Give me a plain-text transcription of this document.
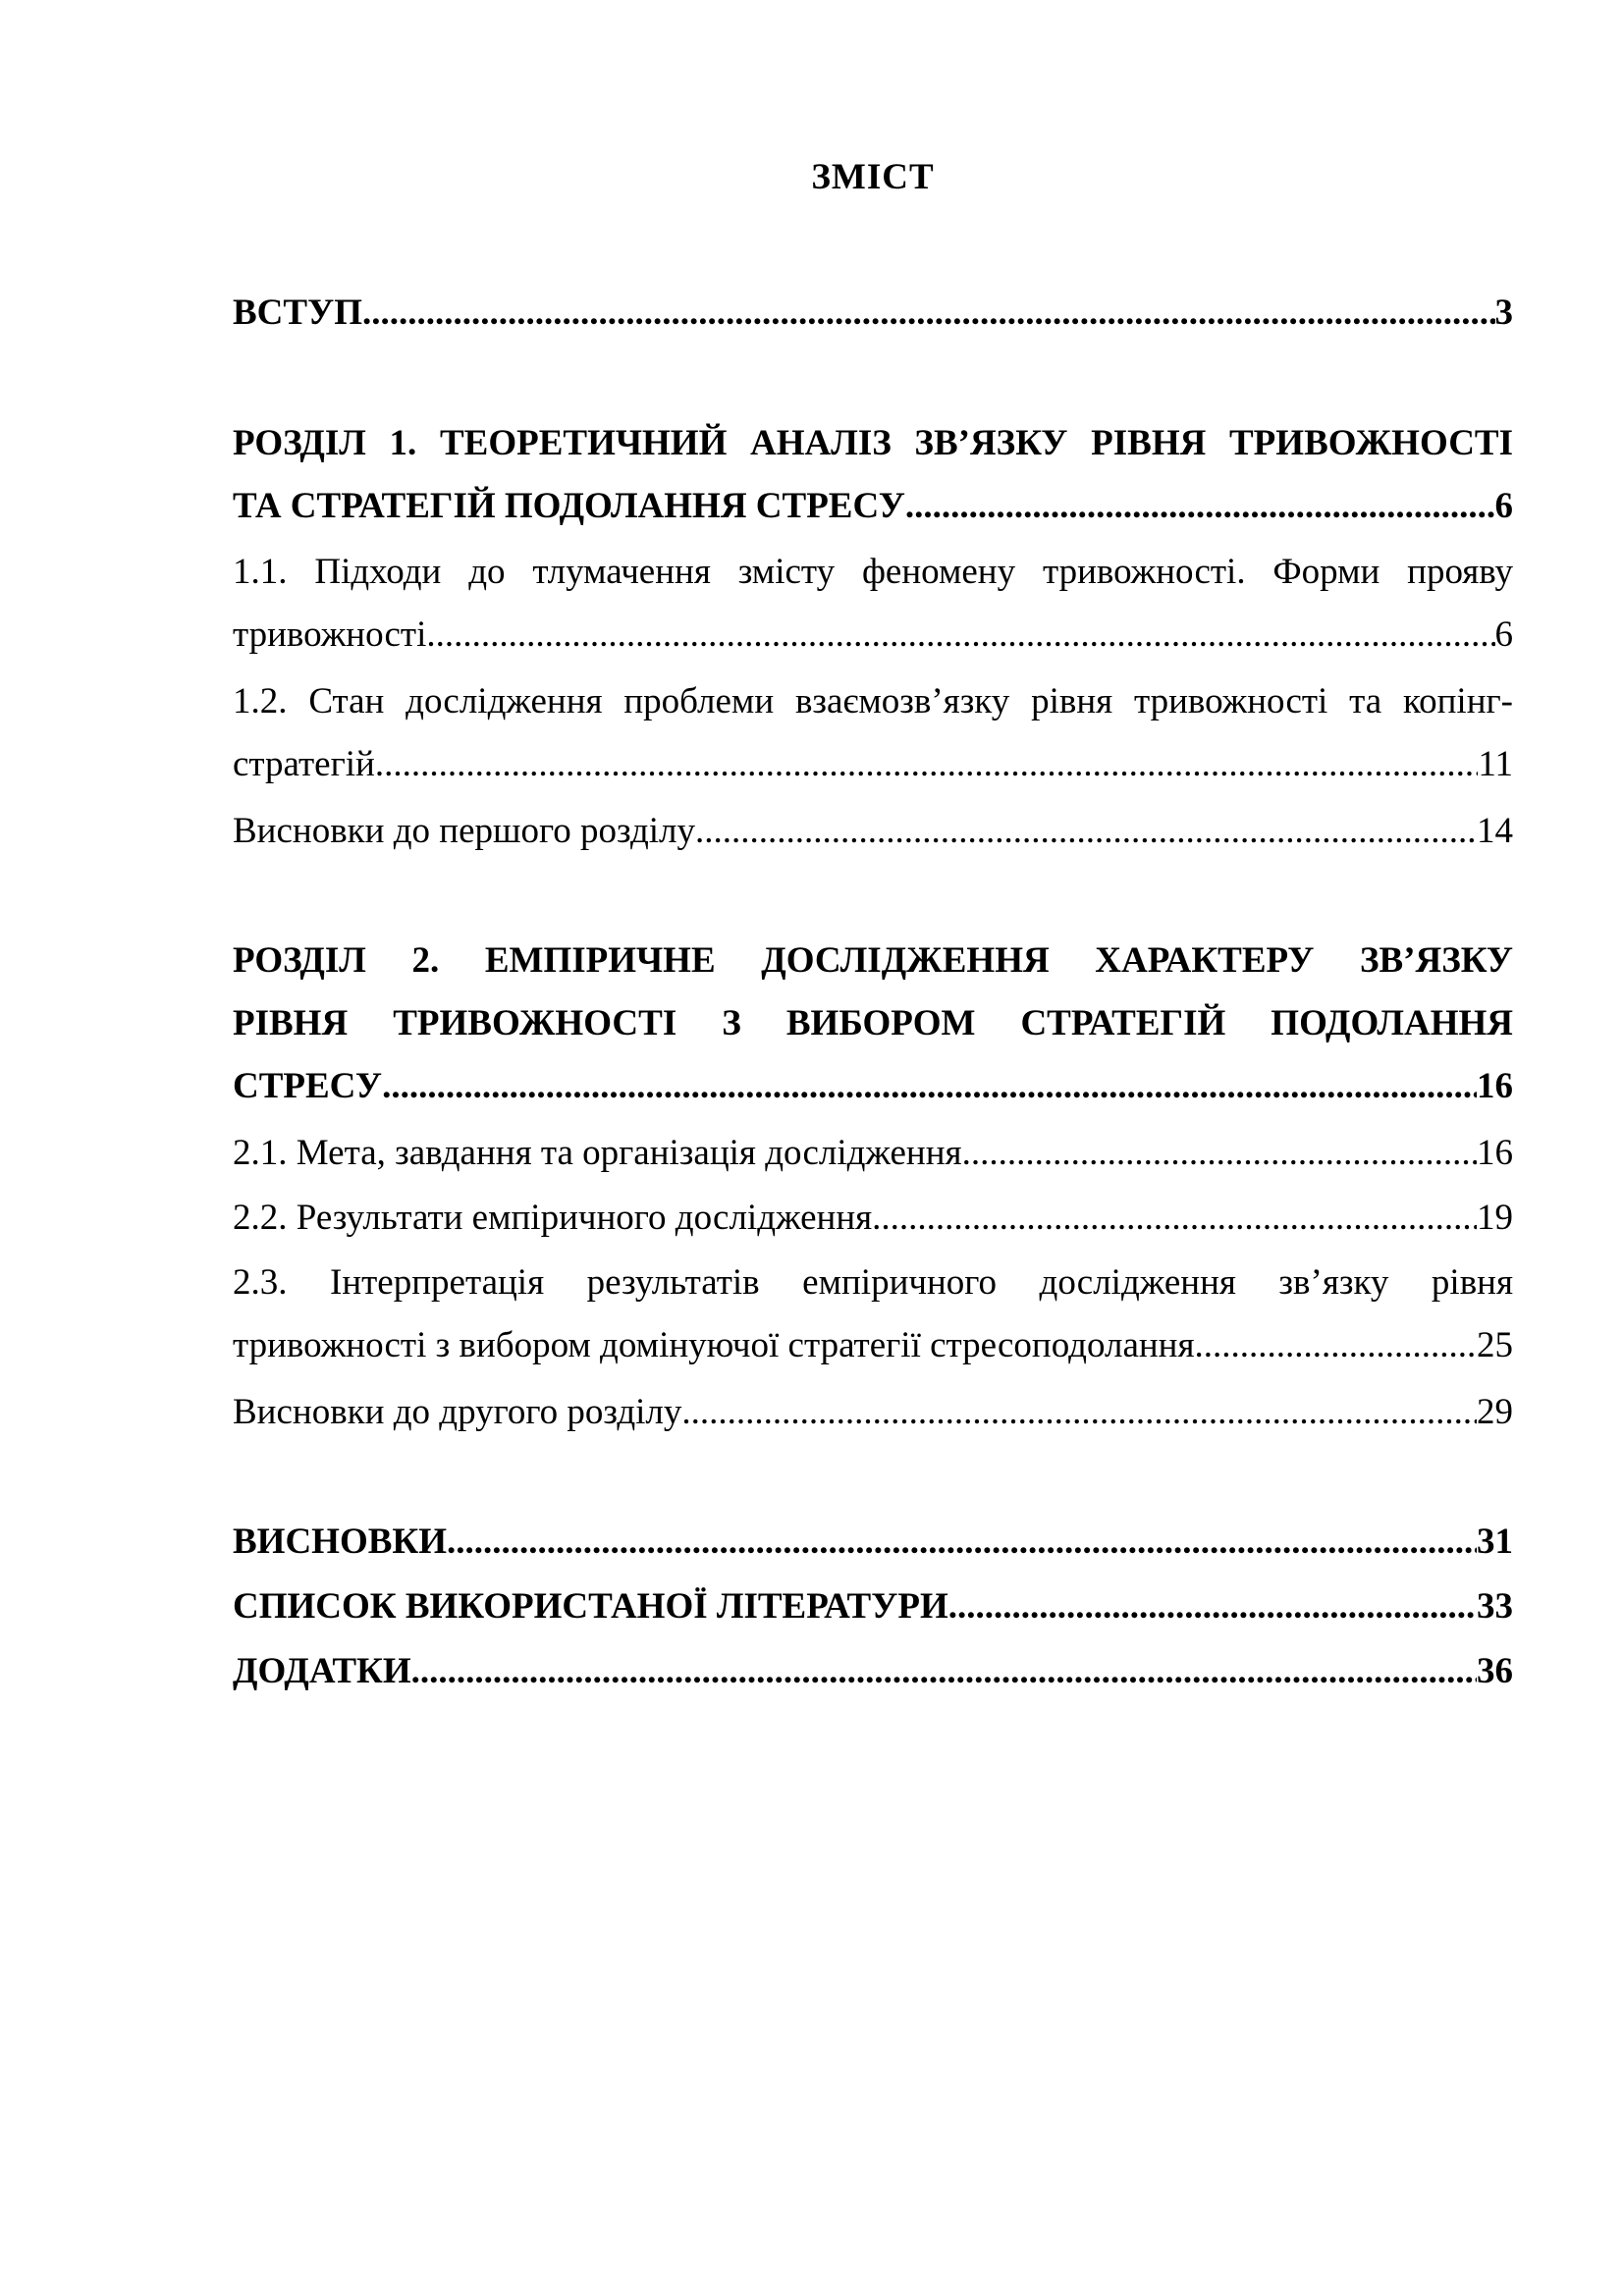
ЗМІСТ
ВСТУП .....	3
РОЗДІЛ 1. ТЕОРЕТИЧНИЙ АНАЛІЗ ЗВ’ЯЗКУ РІВНЯ ТРИВОЖНОСТІ
ТА СТРАТЕГІЙ ПОДОЛАННЯ СТРЕСУ .....	6
1.1. Підходи до тлумачення змісту феномену тривожності. Форми прояву
тривожності .....	6
1.2. Стан дослідження проблеми взаємозв’язку рівня тривожності та копінг-
стратегій .....	11
Висновки до першого розділу .....	14
РОЗДІЛ 2. ЕМПІРИЧНЕ ДОСЛІДЖЕННЯ ХАРАКТЕРУ ЗВ’ЯЗКУ
РІВНЯ ТРИВОЖНОСТІ З ВИБОРОМ СТРАТЕГІЙ ПОДОЛАННЯ
СТРЕСУ .....	16
2.1. Мета, завдання та організація дослідження .....	16
2.2. Результати емпіричного дослідження .....	19
2.3. Інтерпретація результатів емпіричного дослідження зв’язку рівня
тривожності з вибором домінуючої стратегії стресоподолання .....	25
Висновки до другого розділу .....	29
ВИСНОВКИ .....	31
СПИСОК ВИКОРИСТАНОЇ ЛІТЕРАТУРИ .....	33
ДОДАТКИ .....	36
